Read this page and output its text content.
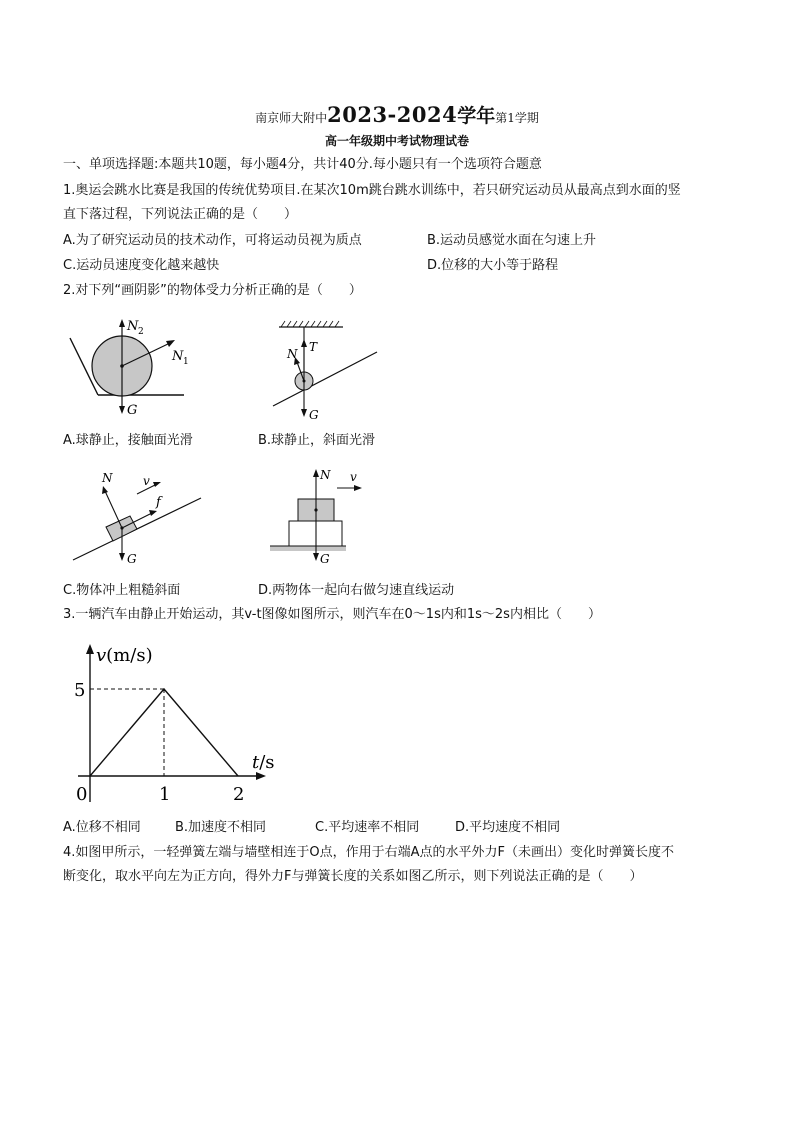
南京师大附中2023-2024学年第1学期
高一年级期中考试物理试卷
一、单项选择题:本题共10题，每小题4分，共计40分.每小题只有一个选项符合题意
1.奥运会跳水比赛是我国的传统优势项目.在某次10m跳台跳水训练中，若只研究运动员从最高点到水面的竖
直下落过程，下列说法正确的是（　　）
A.为了研究运动员的技术动作，可将运动员视为质点	B.运动员感觉水面在匀速上升
C.运动员速度变化越来越快	D.位移的大小等于路程
2.对下列“画阴影”的物体受力分析正确的是（　　）
N 2
N 1
G
N T
G
A.球静止，接触面光滑	B.球静止，斜面光滑
N	v
f
G
N v
G
C.物体冲上粗糙斜面	D.两物体一起向右做匀速直线运动
3.一辆汽车由静止开始运动，其v-t图像如图所示，则汽车在0～1s内和1s～2s内相比（　　）
0	1	2
5
v(m/s)
t/s
A.位移不相同	B.加速度不相同	C.平均速率不相同	D.平均速度不相同
4.如图甲所示，一轻弹簧左端与墙壁相连于O点，作用于右端A点的水平外力F（未画出）变化时弹簧长度不
断变化，取水平向左为正方向，得外力F与弹簧长度的关系如图乙所示，则下列说法正确的是（　　）
